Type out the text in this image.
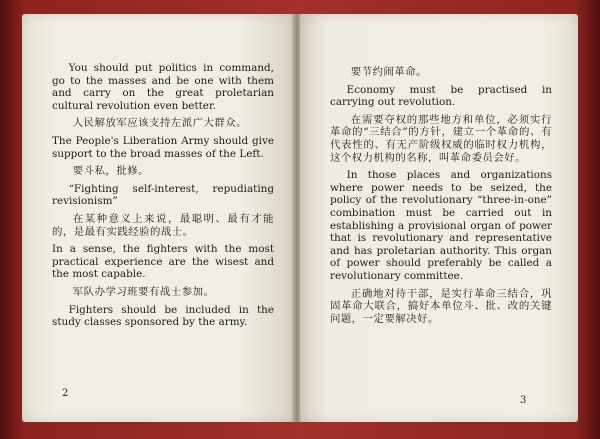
You should put politics in command, go to the masses and be one with them and carry on the great proletarian cultural revolution even better.

人民解放军应该支持左派广大群众。

The People's Liberation Army should give support to the broad masses of the Left.

要斗私，批修。

“Fighting self-interest, repudiating revisionism”

在某种意义上来说，最聪明、最有才能的，是最有实践经验的战士。

In a sense, the fighters with the most practical experience are the wisest and the most capable.

军队办学习班要有战士参加。

Fighters should be included in the study classes sponsored by the army.

2

要节约闹革命。

Economy must be practised in carrying out revolution.

在需要夺权的那些地方和单位，必须实行革命的“三结合”的方针，建立一个革命的、有代表性的、有无产阶级权威的临时权力机构，这个权力机构的名称，叫革命委员会好。

In those places and organizations where power needs to be seized, the policy of the revolutionary “three-in-one” combination must be carried out in establishing a provisional organ of power that is revolutionary and representative and has proletarian authority. This organ of power should preferably be called a revolutionary committee.

正确地对待干部，是实行革命三结合，巩固革命大联合，搞好本单位斗、批、改的关键问题，一定要解决好。

3
